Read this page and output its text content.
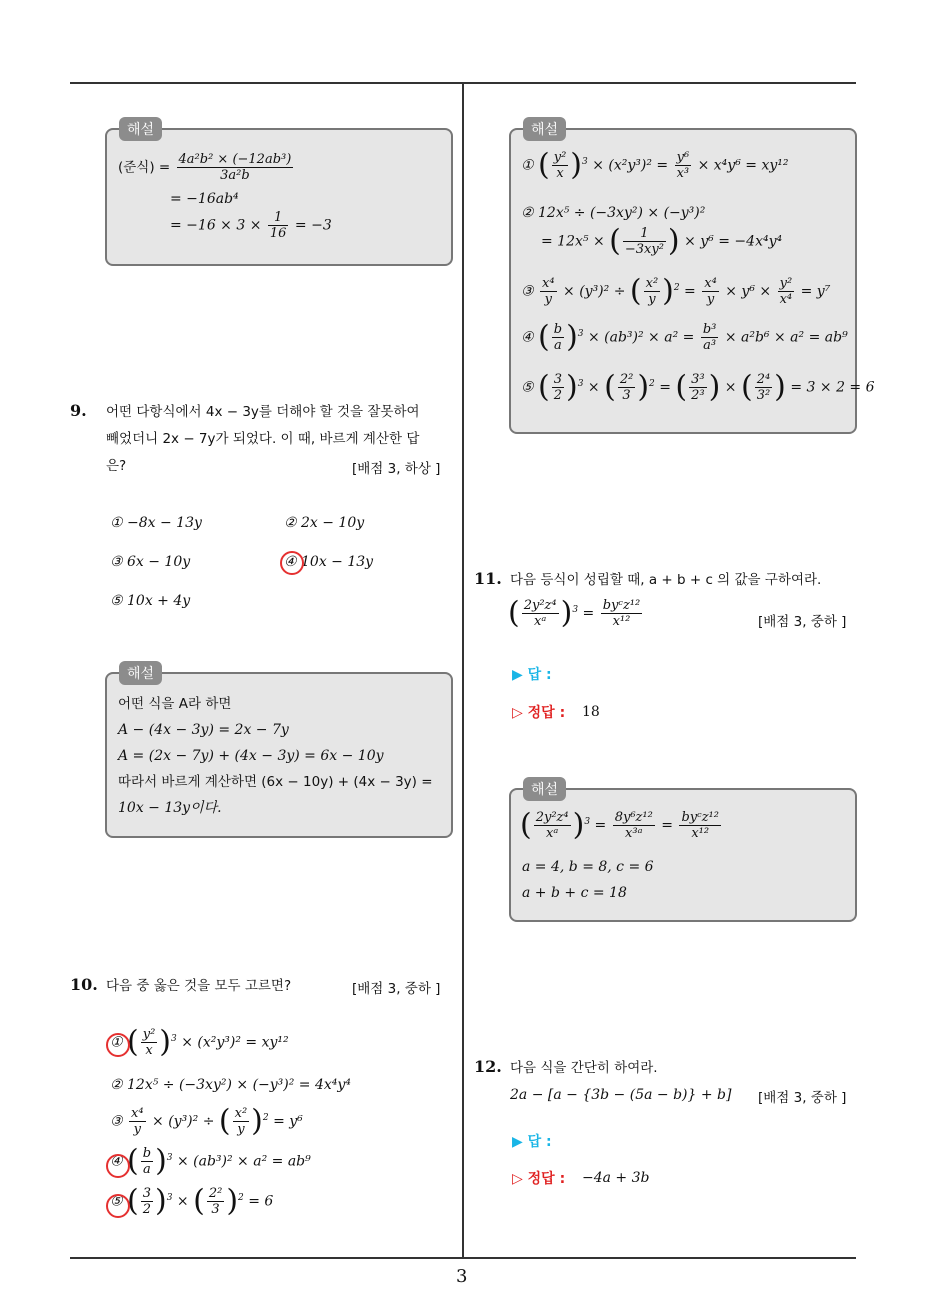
3
해설
(준식) = $\frac{\text{4a²b² × (−12ab³)}}{\text{3a²b}}$
= −16ab⁴
= $-16 \times 3 \times \frac{1}{16} = -3$
9. 어떤 다항식에서 4x − 3y를 더해야 할 것을 잘못하여
빼었더니 2x − 7y가 되었다. 이 때, 바르게 계산한 답
은?	[배점 3, 하상 ]
① −8x − 13y	② 2x − 10y
③ 6x − 10y	④ 10x − 13y
⑤ 10x + 4y
해설
어떤 식을 A라 하면
A − (4x − 3y) = 2x − 7y
A = (2x − 7y) + (4x − 3y) = 6x − 10y
따라서 바르게 계산하면 (6x − 10y) + (4x − 3y) =
10x − 13y이다.
10. 다음 중 옳은 것을 모두 고르면?	[배점 3, 중하 ]
① ( $\frac{\text{y²}}{x} )^3 \times (x^2y^3)^2 = xy^{12}$
② 12x⁵ ÷ (−3xy²) × (−y³)² = 4x⁴y⁴
③ $\frac{\text{x⁴}}{y} \times (y^3)^2$ ÷ ( $\frac{\text{x²}}{y} )^2 = y^6$
④ ( $\frac{b}{a} )^3 \times (ab^3)^2 \times a^2 = ab^9$
⑤ ( $\frac{3}{2} )^3$ × ( $\frac{\text{2²}}{3} )^2 = 6$
해설
① ( $\frac{\text{y²}}{x} )^3 \times (x^2y^3)^2 = \frac{\text{y⁶}}{\text{x³}} \times x^4y^6 = xy^{12}$
② 12x⁵ ÷ (−3xy²) × (−y³)²
= 12x⁵ × ( $\frac{1}{\text{−3xy²}}$ ) × y⁶ = −4x⁴y⁴
③ $\frac{\text{x⁴}}{y} \times (y^3)^2$ ÷ ( $\frac{\text{x²}}{y} )^2 = \frac{\text{x⁴}}{y} \times y^6 \times \frac{\text{y²}}{\text{x⁴}} = y^7$
④ ( $\frac{b}{a} )^3 \times (ab^3)^2 \times a^2 = \frac{\text{b³}}{\text{a³}} \times a^2b^6 \times a^2 = ab^9$
⑤ ( $\frac{3}{2} )^3$ × ( $\frac{\text{2²}}{3} )^2$ = ( $\frac{\text{3³}}{\text{2³}}$ ) × ( $\frac{\text{2⁴}}{\text{3²}}$ ) = 3 × 2 = 6
11. 다음 등식이 성립할 때, a + b + c 의 값을 구하여라.
( $\frac{\text{2y²z⁴}}{\text{xᵃ}} )^3 = \frac{\text{byᶜz¹²}}{\text{x¹²}}$	[배점 3, 중하 ]
▶ 답 :
▷ 정답 : 18
해설
( $\frac{\text{2y²z⁴}}{\text{xᵃ}} )^3 = \frac{\text{8y⁶z¹²}}{\text{x³ᵃ}} = \frac{\text{byᶜz¹²}}{\text{x¹²}}$
a = 4, b = 8, c = 6
a + b + c = 18
12. 다음 식을 간단히 하여라.
2a − [a − {3b − (5a − b)} + b] [배점 3, 중하 ]
▶ 답 :
▷ 정답 : −4a + 3b
